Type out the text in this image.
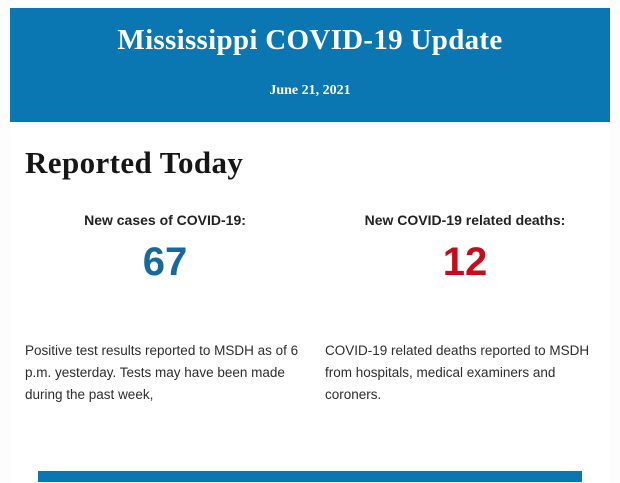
Mississippi COVID-19 Update
June 21, 2021
Reported Today
New cases of COVID-19:
67

Positive test results reported to MSDH as of 6 p.m. yesterday. Tests may have been made during the past week,

New COVID-19 related deaths:
12

COVID-19 related deaths reported to MSDH from hospitals, medical examiners and coroners.
